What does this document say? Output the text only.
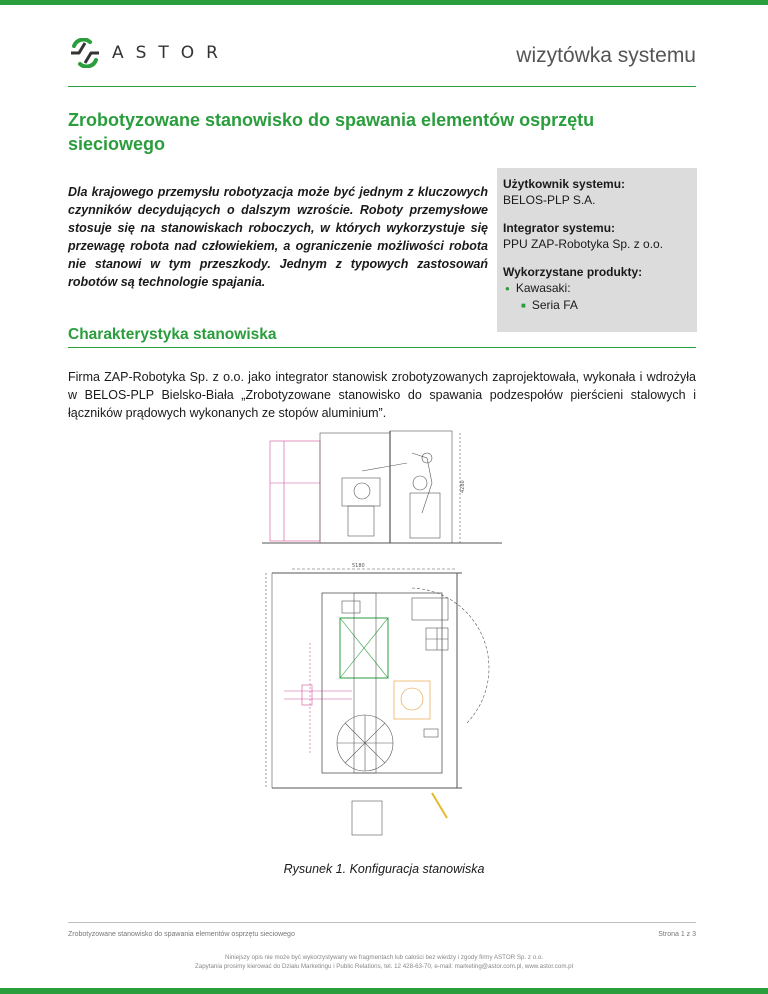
ASTOR	wizytówka systemu
Zrobotyzowane stanowisko do spawania elementów osprzętu sieciowego

Dla krajowego przemysłu robotyzacja może być jednym z kluczowych czynników decydujących o dalszym wzroście. Roboty przemysłowe stosuje się na stanowiskach roboczych, w których wykorzystuje się przewagę robota nad człowiekiem, a ograniczenie możliwości robota nie stanowi w tym przeszkody. Jednym z typowych zastosowań robotów są technologie spajania.

Użytkownik systemu:
BELOS-PLP S.A.
Integrator systemu:
PPU ZAP-Robotyka Sp. z o.o.
Wykorzystane produkty:
● Kawasaki:
■ Seria FA
Charakterystyka stanowiska

Firma ZAP-Robotyka Sp. z o.o. jako integrator stanowisk zrobotyzowanych zaprojektowała, wykonała i wdrożyła w BELOS-PLP Bielsko-Biała „Zrobotyzowane stanowisko do spawania podzespołów pierścieni stalowych i łączników prądowych wykonanych ze stopów aluminium”.

5180
4280
Rysunek 1. Konfiguracja stanowiska
Zrobotyzowane stanowisko do spawania elementów osprzętu sieciowego	Strona 1 z 3
Niniejszy opis nie może być wykorzystywany we fragmentach lub całości bez wiedzy i zgody firmy ASTOR Sp. z o.o.
Zapytania prosimy kierować do Działu Marketingu i Public Relations, tel. 12 428-63-70, e-mail: marketing@astor.com.pl, www.astor.com.pl
